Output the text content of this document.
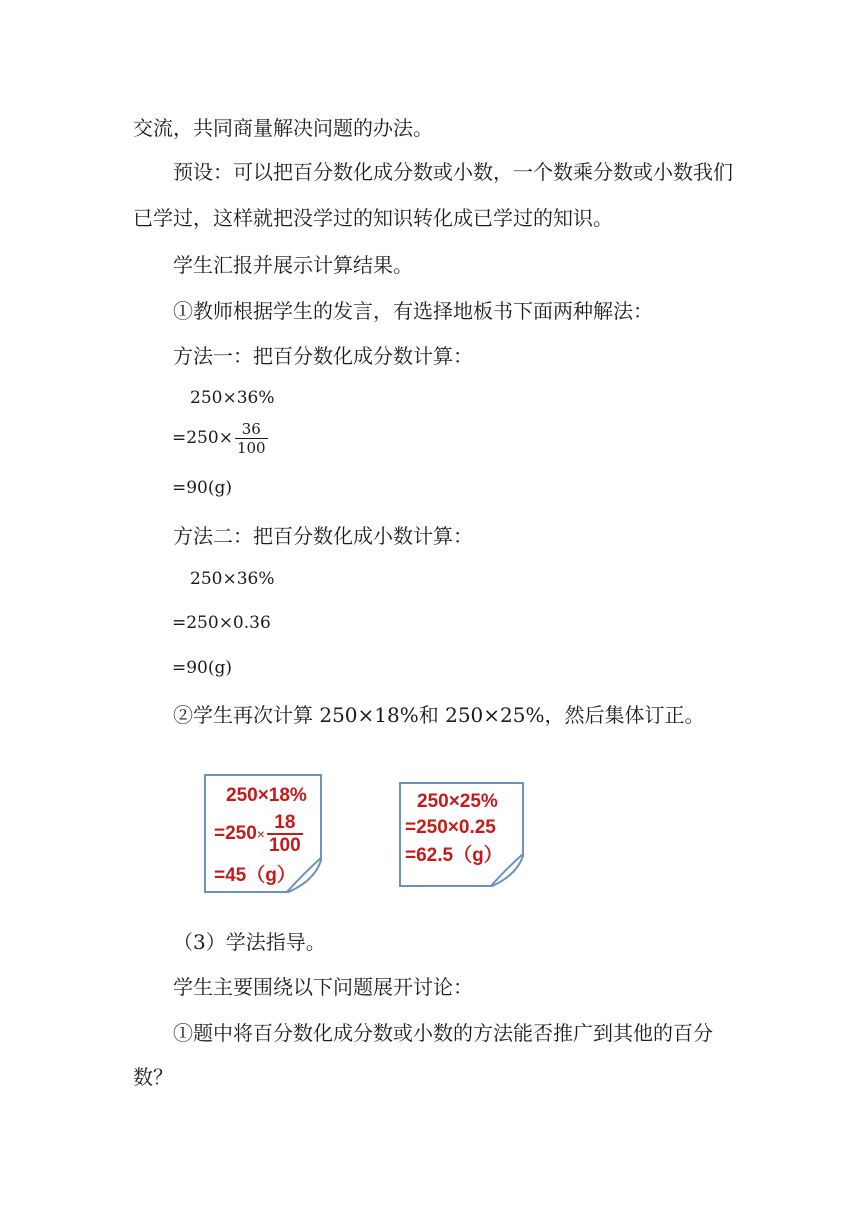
交流，共同商量解决问题的办法。
预设：可以把百分数化成分数或小数，一个数乘分数或小数我们
已学过，这样就把没学过的知识转化成已学过的知识。
学生汇报并展示计算结果。
①教师根据学生的发言，有选择地板书下面两种解法：
方法一：把百分数化成分数计算：
250×36%
$=250\times \frac{36}{100}$
=90(g)
方法二：把百分数化成小数计算：
250×36%
=250×0.36
=90(g)
②学生再次计算 250×18%和 250×25%，然后集体订正。
250×18%
$=250\times \frac{18}{100}$
=45（g）
250×25%
=250×0.25
=62.5（g）
（3）学法指导。
学生主要围绕以下问题展开讨论：
①题中将百分数化成分数或小数的方法能否推广到其他的百分
数？
